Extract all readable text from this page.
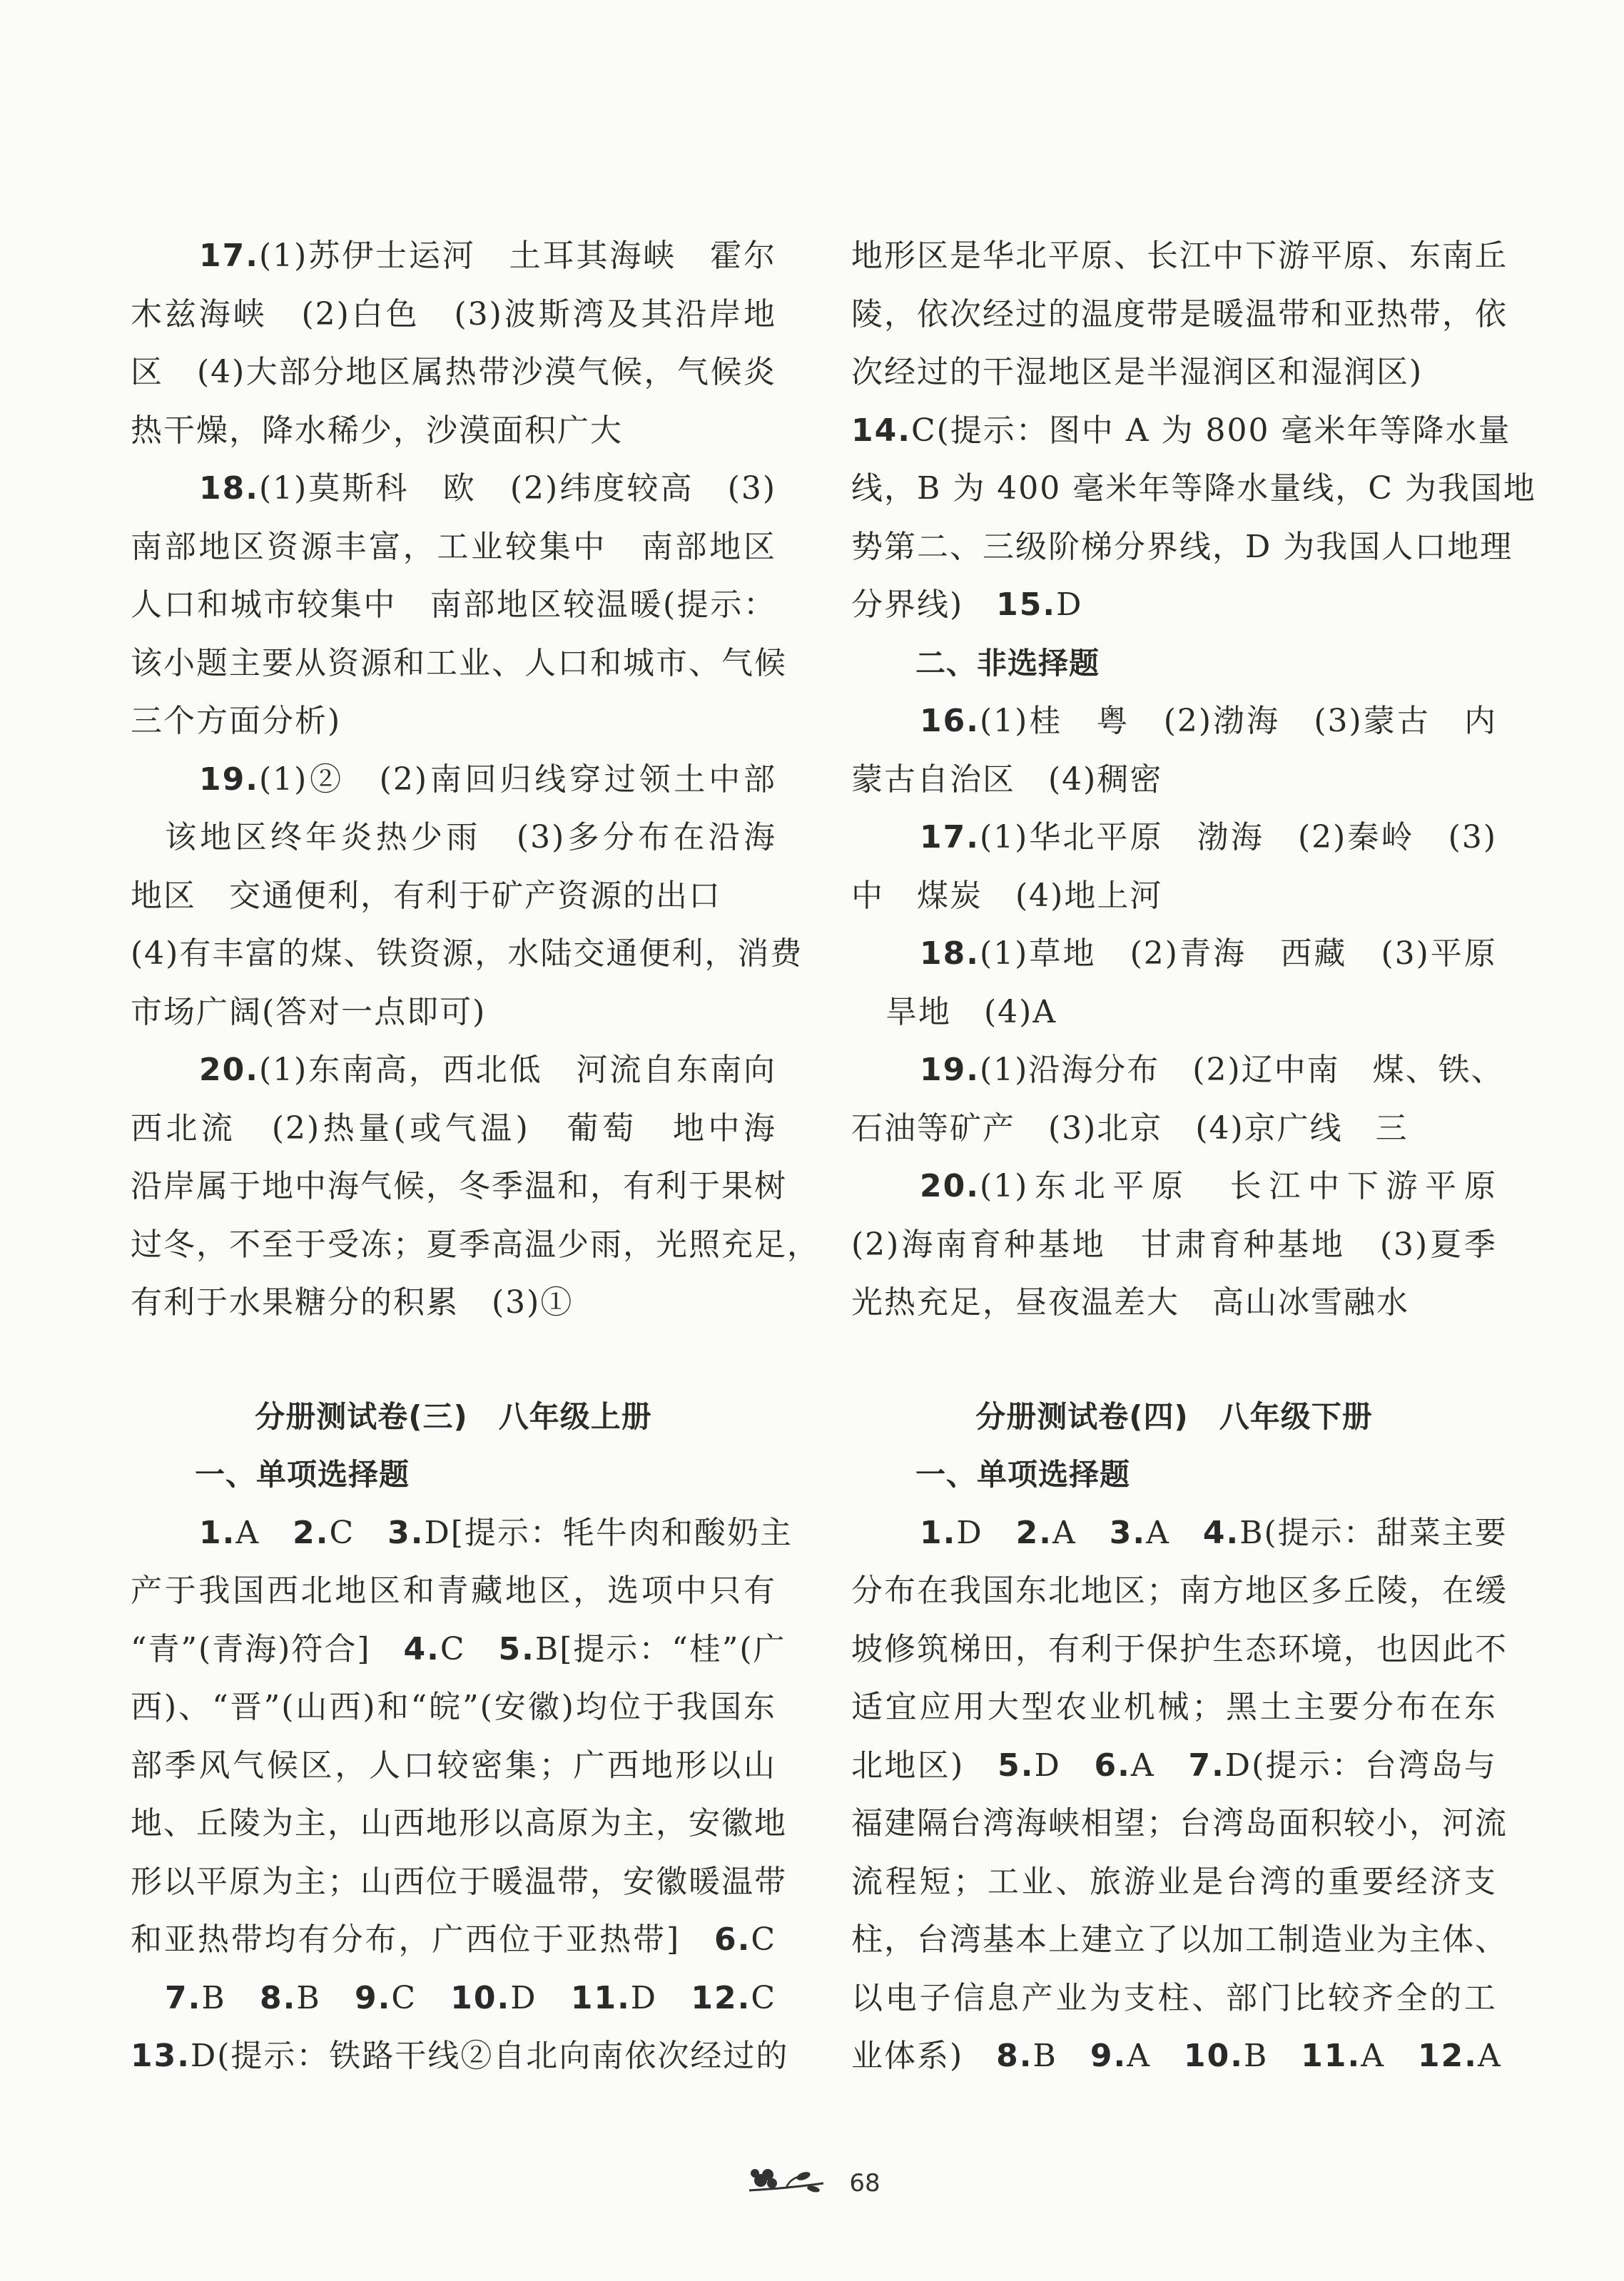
17.(1)苏伊士运河　土耳其海峡　霍尔
木兹海峡　(2)白色　(3)波斯湾及其沿岸地
区　(4)大部分地区属热带沙漠气候，气候炎
热干燥，降水稀少，沙漠面积广大
18.(1)莫斯科　欧　(2)纬度较高　(3)
南部地区资源丰富，工业较集中　南部地区
人口和城市较集中　南部地区较温暖(提示：
该小题主要从资源和工业、人口和城市、气候
三个方面分析)
19.(1)②　(2)南回归线穿过领土中部
该地区终年炎热少雨　(3)多分布在沿海
地区　交通便利，有利于矿产资源的出口
(4)有丰富的煤、铁资源，水陆交通便利，消费
市场广阔(答对一点即可)
20.(1)东南高，西北低　河流自东南向
西北流　(2)热量(或气温)　葡萄　地中海
沿岸属于地中海气候，冬季温和，有利于果树
过冬，不至于受冻；夏季高温少雨，光照充足，
有利于水果糖分的积累　(3)①
分册测试卷(三)　八年级上册
一、单项选择题
1.A　2.C　3.D[提示：牦牛肉和酸奶主
产于我国西北地区和青藏地区，选项中只有
“青”(青海)符合]　4.C　5.B[提示：“桂”(广
西)、“晋”(山西)和“皖”(安徽)均位于我国东
部季风气候区，人口较密集；广西地形以山
地、丘陵为主，山西地形以高原为主，安徽地
形以平原为主；山西位于暖温带，安徽暖温带
和亚热带均有分布，广西位于亚热带]　6.C
7.B　8.B　9.C　10.D　11.D　12.C
13.D(提示：铁路干线②自北向南依次经过的
地形区是华北平原、长江中下游平原、东南丘
陵，依次经过的温度带是暖温带和亚热带，依
次经过的干湿地区是半湿润区和湿润区)
14.C(提示：图中 A 为 800 毫米年等降水量
线，B 为 400 毫米年等降水量线，C 为我国地
势第二、三级阶梯分界线，D 为我国人口地理
分界线)　15.D
二、非选择题
16.(1)桂　粤　(2)渤海　(3)蒙古　内
蒙古自治区　(4)稠密
17.(1)华北平原　渤海　(2)秦岭　(3)
中　煤炭　(4)地上河
18.(1)草地　(2)青海　西藏　(3)平原
旱地　(4)A
19.(1)沿海分布　(2)辽中南　煤、铁、
石油等矿产　(3)北京　(4)京广线　三
20.(1)东北平原　长江中下游平原
(2)海南育种基地　甘肃育种基地　(3)夏季
光热充足，昼夜温差大　高山冰雪融水
分册测试卷(四)　八年级下册
一、单项选择题
1.D　2.A　3.A　4.B(提示：甜菜主要
分布在我国东北地区；南方地区多丘陵，在缓
坡修筑梯田，有利于保护生态环境，也因此不
适宜应用大型农业机械；黑土主要分布在东
北地区)　5.D　6.A　7.D(提示：台湾岛与
福建隔台湾海峡相望；台湾岛面积较小，河流
流程短；工业、旅游业是台湾的重要经济支
柱，台湾基本上建立了以加工制造业为主体、
以电子信息产业为支柱、部门比较齐全的工
业体系)　8.B　9.A　10.B　11.A　12.A
68
